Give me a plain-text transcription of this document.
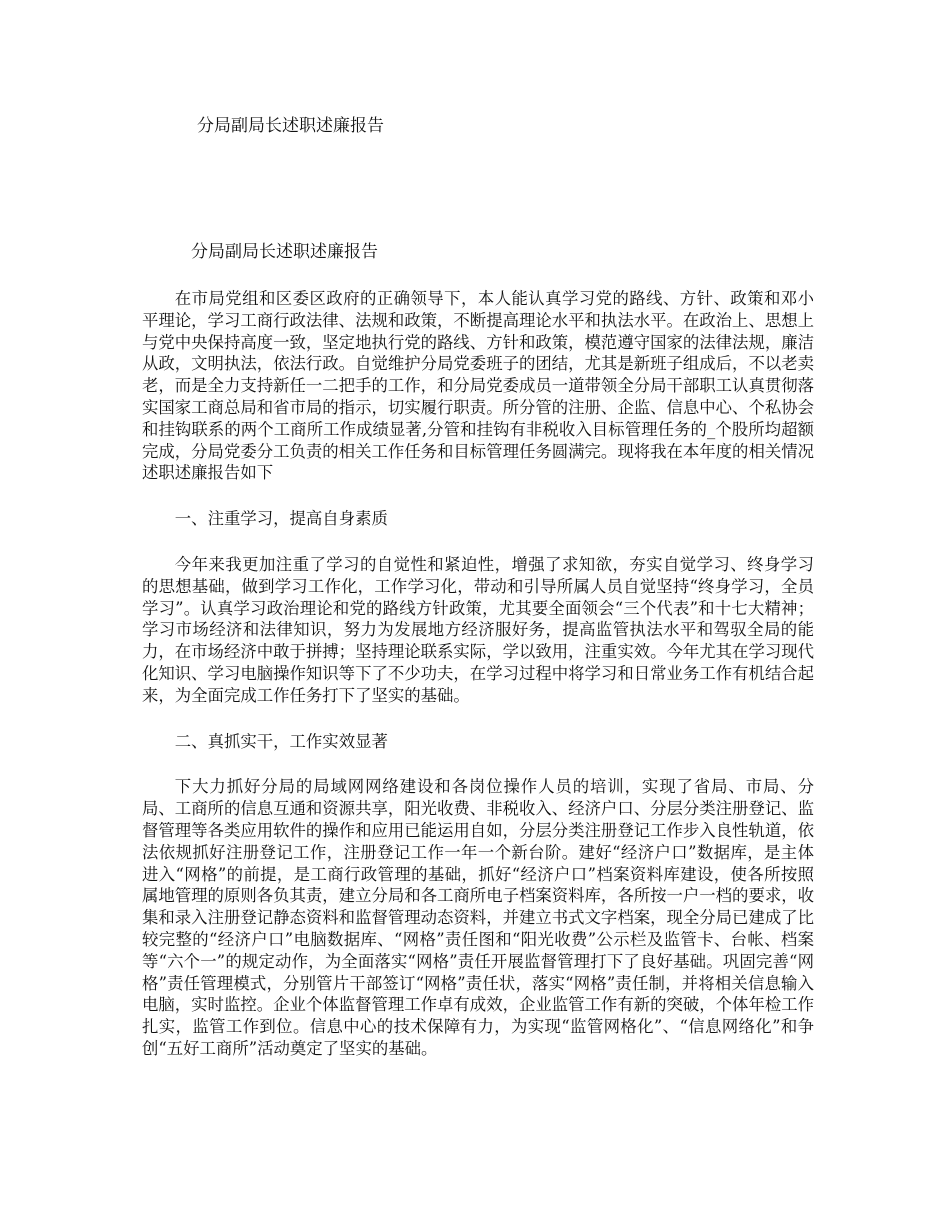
分局副局长述职述廉报告
分局副局长述职述廉报告

在市局党组和区委区政府的正确领导下，本人能认真学习党的路线、方针、政策和邓小平理论，学习工商行政法律、法规和政策，不断提高理论水平和执法水平。在政治上、思想上与党中央保持高度一致，坚定地执行党的路线、方针和政策，模范遵守国家的法律法规，廉洁从政，文明执法，依法行政。自觉维护分局党委班子的团结，尤其是新班子组成后，不以老卖老，而是全力支持新任一二把手的工作，和分局党委成员一道带领全分局干部职工认真贯彻落实国家工商总局和省市局的指示，切实履行职责。所分管的注册、企监、信息中心、个私协会和挂钩联系的两个工商所工作成绩显著,分管和挂钩有非税收入目标管理任务的_个股所均超额完成，分局党委分工负责的相关工作任务和目标管理任务圆满完。现将我在本年度的相关情况述职述廉报告如下

一、注重学习，提高自身素质

今年来我更加注重了学习的自觉性和紧迫性，增强了求知欲，夯实自觉学习、终身学习的思想基础，做到学习工作化，工作学习化，带动和引导所属人员自觉坚持“终身学习，全员学习”。认真学习政治理论和党的路线方针政策，尤其要全面领会“三个代表”和十七大精神；学习市场经济和法律知识，努力为发展地方经济服好务，提高监管执法水平和驾驭全局的能力，在市场经济中敢于拼搏；坚持理论联系实际，学以致用，注重实效。今年尤其在学习现代化知识、学习电脑操作知识等下了不少功夫，在学习过程中将学习和日常业务工作有机结合起来，为全面完成工作任务打下了坚实的基础。

二、真抓实干，工作实效显著

下大力抓好分局的局域网网络建设和各岗位操作人员的培训，实现了省局、市局、分局、工商所的信息互通和资源共享，阳光收费、非税收入、经济户口、分层分类注册登记、监督管理等各类应用软件的操作和应用已能运用自如，分层分类注册登记工作步入良性轨道，依法依规抓好注册登记工作，注册登记工作一年一个新台阶。建好“经济户口”数据库，是主体进入“网格”的前提，是工商行政管理的基础，抓好“经济户口”档案资料库建设，使各所按照属地管理的原则各负其责，建立分局和各工商所电子档案资料库，各所按一户一档的要求，收集和录入注册登记静态资料和监督管理动态资料，并建立书式文字档案，现全分局已建成了比较完整的“经济户口”电脑数据库、“网格”责任图和“阳光收费”公示栏及监管卡、台帐、档案等“六个一”的规定动作，为全面落实“网格”责任开展监督管理打下了良好基础。巩固完善“网格”责任管理模式，分别管片干部签订“网格”责任状，落实“网格”责任制，并将相关信息输入电脑，实时监控。企业个体监督管理工作卓有成效，企业监管工作有新的突破，个体年检工作扎实，监管工作到位。信息中心的技术保障有力，为实现“监管网格化”、“信息网络化”和争创“五好工商所”活动奠定了坚实的基础。
